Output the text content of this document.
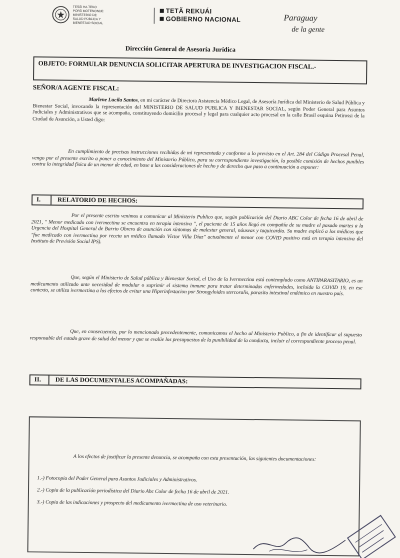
TESÃI HA TEKO
PORÃ MOTENONDE
MINISTERIO DE
SALUD PÚBLICA Y
BIENESTAR SOCIAL
TETÃ REKUÁI
GOBIERNO NACIONAL	Paraguay
de la gente
Dirección General de Asesoría Jurídica
OBJETO: FORMULAR DENUNCIA SOLICITAR APERTURA DE INVESTIGACION FISCAL.-
SEÑOR/A AGENTE FISCAL:

Marlene Lucila Santos, en mi carácter de Directora Asistencia Médico Legal, de Asesoría Jurídica del Ministerio de Salud Pública y Bienestar Social, invocando la representación del MINISTERIO DE SALUD PUBLICA Y BIENESTAR SOCIAL, según Poder General para Asuntos Judiciales y Administrativos que se acompaña, constituyendo domicilio procesal y legal para cualquier acto procesal en la calle Brasil esquina Petirossi de la Ciudad de Asunción, a Usted digo:

En cumplimiento de precisas instrucciones recibidas de mi representada y conforme a lo previsto en el Art. 284 del Código Procesal Penal, vengo por el presente escrito a poner a conocimiento del Ministerio Público, para su correspondiente investigación, la posible comisión de hechos punibles contra la integridad física de un menor de edad, en base a las consideraciones de hecho y de derecho que paso a continuación a exponer:

I.	RELATORIO DE HECHOS:

Por el presente escrito venimos a comunicar al Ministerio Publico que, según publicación del Diario ABC Color de fecha 16 de abril de 2021, " Menor medicado con ivermectina se encuentra en terapia intensiva ", el paciente de 15 años llegó en compañía de su madre el pasado martes a la Urgencia del Hospital General de Barrio Obrero de asunción con síntomas de malestar general, náuseas y taquicardia. Su madre explicó a los médicos que "fue medicado con ivermectina por receta un médico llamado Víctor Villa Díaz" actualmente el menor con COVID positivo está en terapia intensiva del Instituto de Previsión Social IPS).

Que, según el Ministerio de Salud pública y Bienestar Social, el Uso de la Ivermectina está contemplado como ANTIPARASITARIO, es un medicamento utilizado ante necesidad de modular o suprimir el sistema inmune para tratar determinadas enfermedades, incluida la COVID 19, en ese contexto, se utiliza ivermectina a los efectos de evitar una Hiperinfestacion por Strongyloides stercoralis, parasito intestinal endémico en nuestro país.

Que, en consecuencia, por lo mencionado precedentemente, comunicamos el hecho al Ministerio Publico, a fin de identificar al supuesto responsable del estado grave de salud del menor y que se evalúe los presupuestos de la punibilidad de la conducta, incluir el correspondiente proceso penal.

II.	DE LAS DOCUMENTALES ACOMPAÑADAS:

A los efectos de justificar la presente denuncia, se acompaña con esta presentación, las siguientes documentaciones:

1.-) Fotocopia del Poder General para Asuntos Judiciales y Administrativos.
2.-) Copia de la publicación periodística del Diario Abc Color de fecha 16 de abril de 2021.
3.-) Copia de las indicaciones y prospecto del medicamento ivermectina de uso veterinario.
